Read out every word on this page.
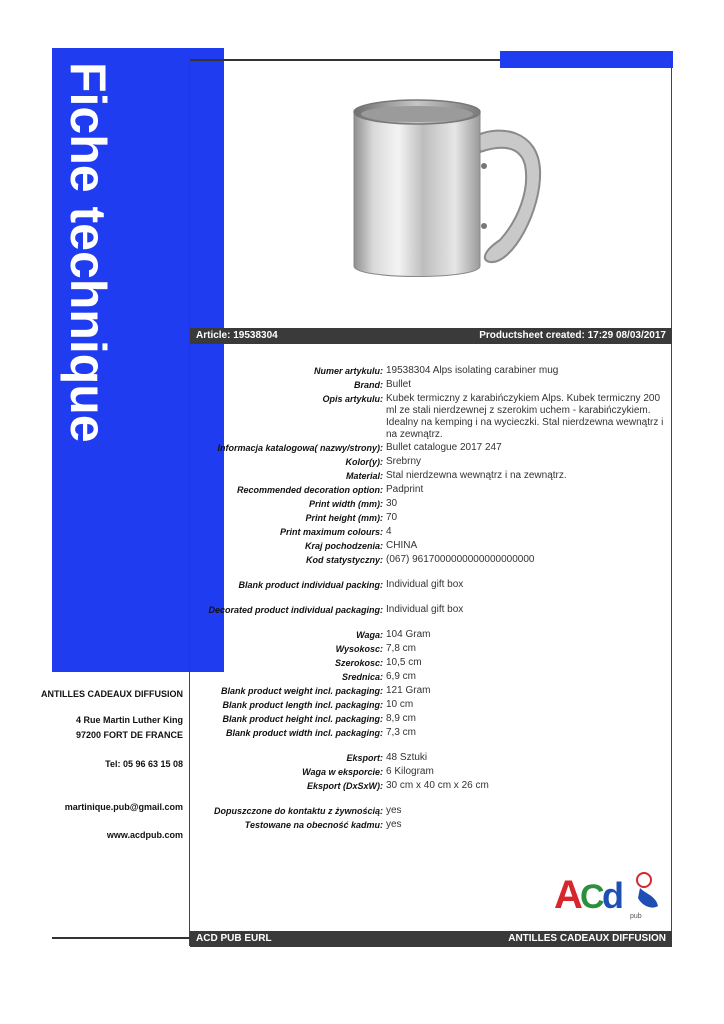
Fiche technique	Article: 19538304	Productsheet created: 17:29 08/03/2017
Numer artykulu:	19538304 Alps isolating carabiner mug
Brand:	Bullet
Opis artykulu:	Kubek termiczny z karabińczykiem Alps. Kubek termiczny 200 ml ze stali nierdzewnej z szerokim uchem - karabińczykiem. Idealny na kemping i na wycieczki. Stal nierdzewna wewnątrz i na zewnątrz.
Informacja katalogowa( nazwy/strony):	Bullet catalogue 2017 247
Kolor(y):	Srebrny
Material:	Stal nierdzewna wewnątrz i na zewnątrz.
Recommended decoration option:	Padprint
Print width (mm):	30
Print height (mm):	70
Print maximum colours:	4
Kraj pochodzenia:	CHINA
Kod statystyczny:	(067) 9617000000000000000000

Blank product individual packing:	Individual gift box

Decorated product individual packaging:	Individual gift box

Waga:	104 Gram
Wysokosc:	7,8 cm
Szerokosc:	10,5 cm
Srednica:	6,9 cm
Blank product weight incl. packaging:	121 Gram
Blank product length incl. packaging:	10 cm
Blank product height incl. packaging:	8,9 cm
Blank product width incl. packaging:	7,3 cm

Eksport:	48 Sztuki
Waga w eksporcie:	6 Kilogram
Eksport (DxSxW):	30 cm x 40 cm x 26 cm

Dopuszczone do kontaktu z żywnością:	yes
Testowane na obecność kadmu:	yes
ANTILLES CADEAUX DIFFUSION
4 Rue Martin Luther King
97200 FORT DE FRANCE
Tel: 05 96 63 15 08
martinique.pub@gmail.com
www.acdpub.com
A
C
d
pub
ACD PUB EURL	ANTILLES CADEAUX DIFFUSION
